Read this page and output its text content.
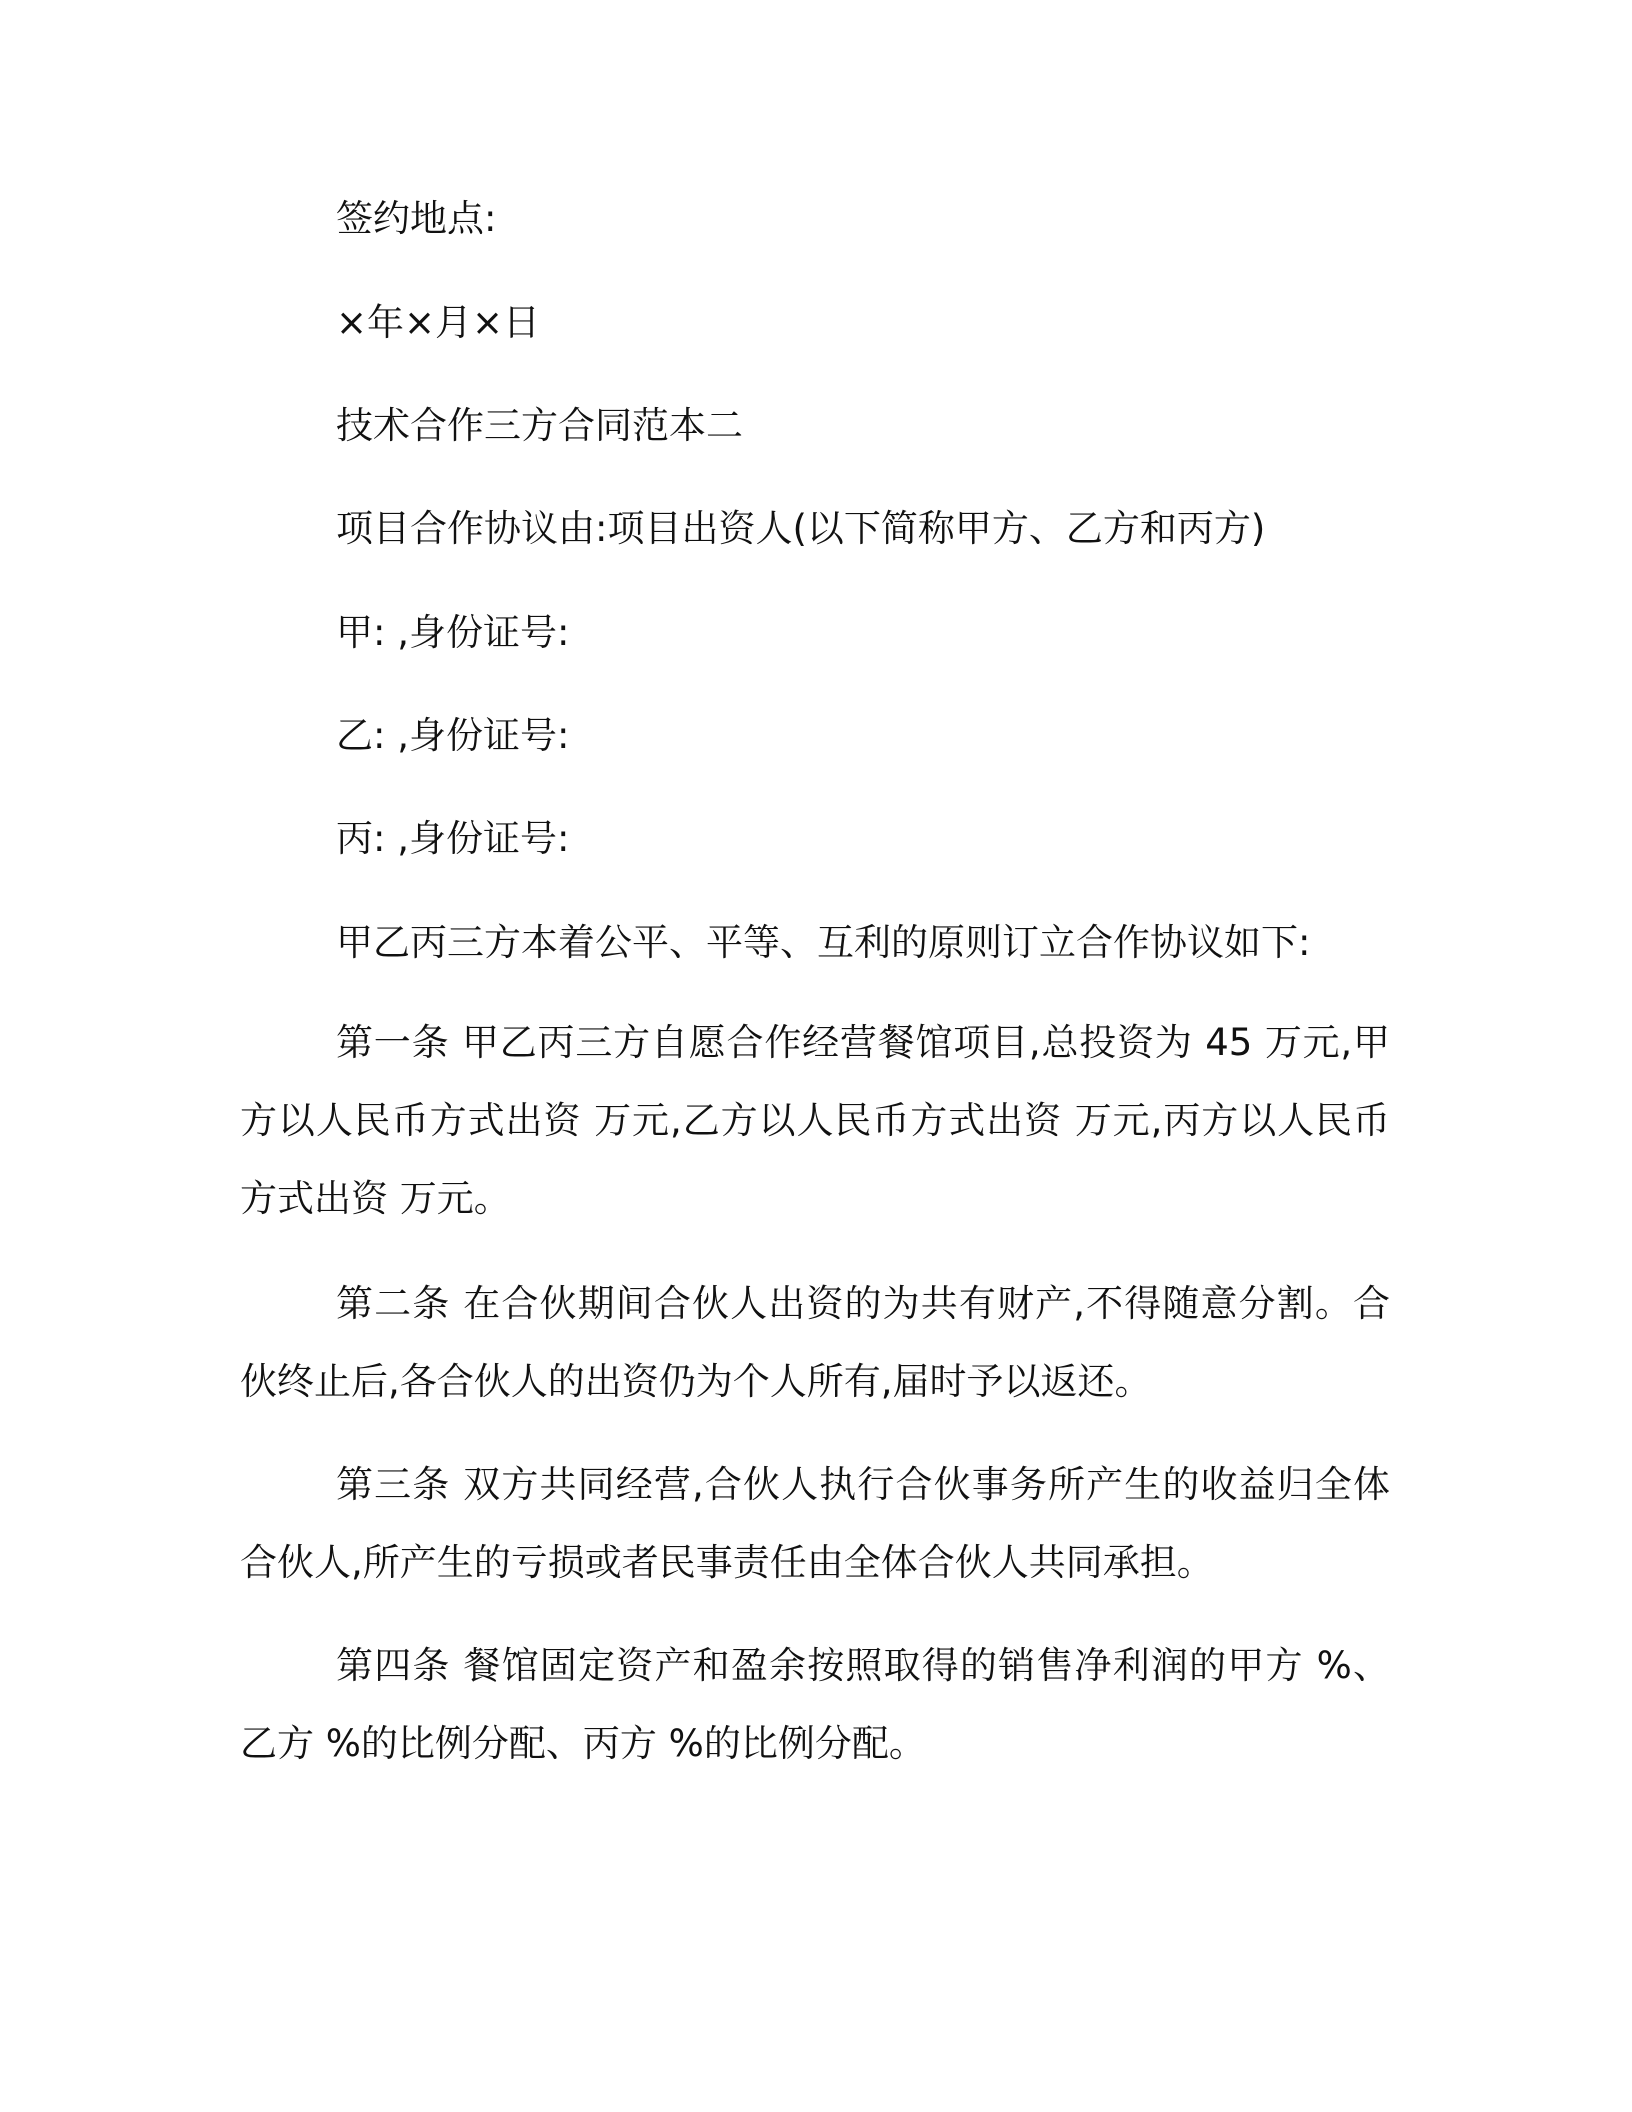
签约地点:
×年×月×日
技术合作三方合同范本二
项目合作协议由:项目出资人(以下简称甲方、乙方和丙方)
甲: ,身份证号:
乙: ,身份证号:
丙: ,身份证号:
甲乙丙三方本着公平、平等、互利的原则订立合作协议如下:
第一条 甲乙丙三方自愿合作经营餐馆项目,总投资为 45 万元,甲方以人民币方式出资 万元,乙方以人民币方式出资 万元,丙方以人民币方式出资 万元。
第二条 在合伙期间合伙人出资的为共有财产,不得随意分割。合伙终止后,各合伙人的出资仍为个人所有,届时予以返还。
第三条 双方共同经营,合伙人执行合伙事务所产生的收益归全体合伙人,所产生的亏损或者民事责任由全体合伙人共同承担。
第四条 餐馆固定资产和盈余按照取得的销售净利润的甲方 %、乙方 %的比例分配、丙方 %的比例分配。
